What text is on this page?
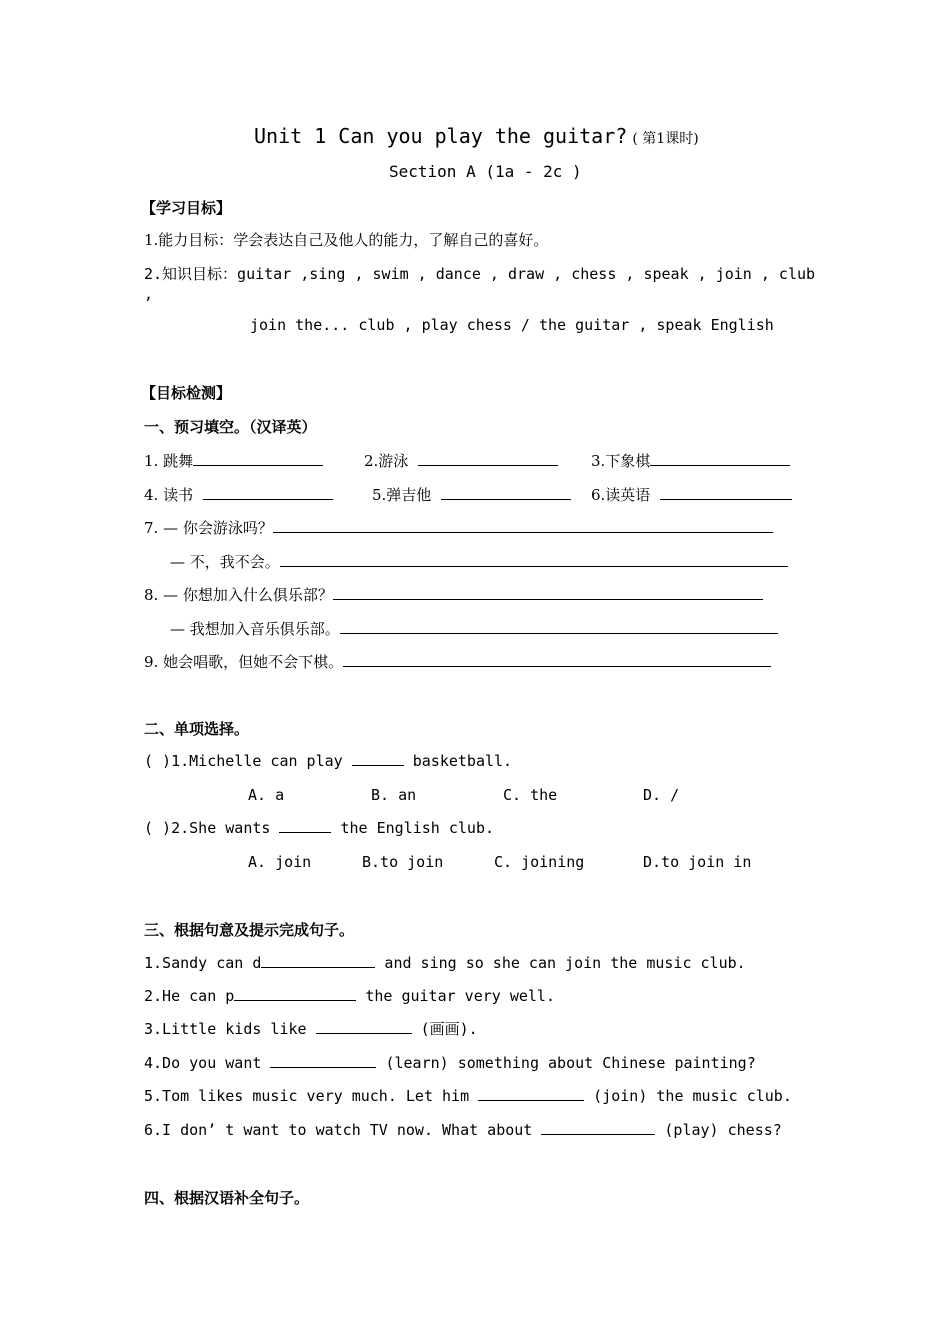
Unit 1 Can you play the guitar? ( 第1课时)
Section A (1a - 2c )
【学习目标】
1.能力目标：学会表达自己及他人的能力，了解自己的喜好。
2.知识目标：guitar ,sing , swim , dance , draw , chess , speak , join , club
,
join the... club , play chess / the guitar , speak English
【目标检测】
一、预习填空。（汉译英）
1. 跳舞	2.游泳	3.下象棋
4. 读书	5.弹吉他	6.读英语
7. — 你会游泳吗？
— 不，我不会。
8. — 你想加入什么俱乐部？
— 我想加入音乐俱乐部。
9. 她会唱歌，但她不会下棋。
二、单项选择。
( )1.Michelle can play	basketball.
A. a	B. an	C. the	D. /
( )2.She wants	the English club.
A. join	B.to join	C. joining	D.to join in
三、根据句意及提示完成句子。
1.Sandy can d	and sing so she can join the music club.
2.He can p	the guitar very well.
3.Little kids like	(画画).
4.Do you want	(learn) something about Chinese painting?
5.Tom likes music very much. Let him	(join) the music club.
6.I don’ t want to watch TV now. What about	(play) chess?
四、根据汉语补全句子。
